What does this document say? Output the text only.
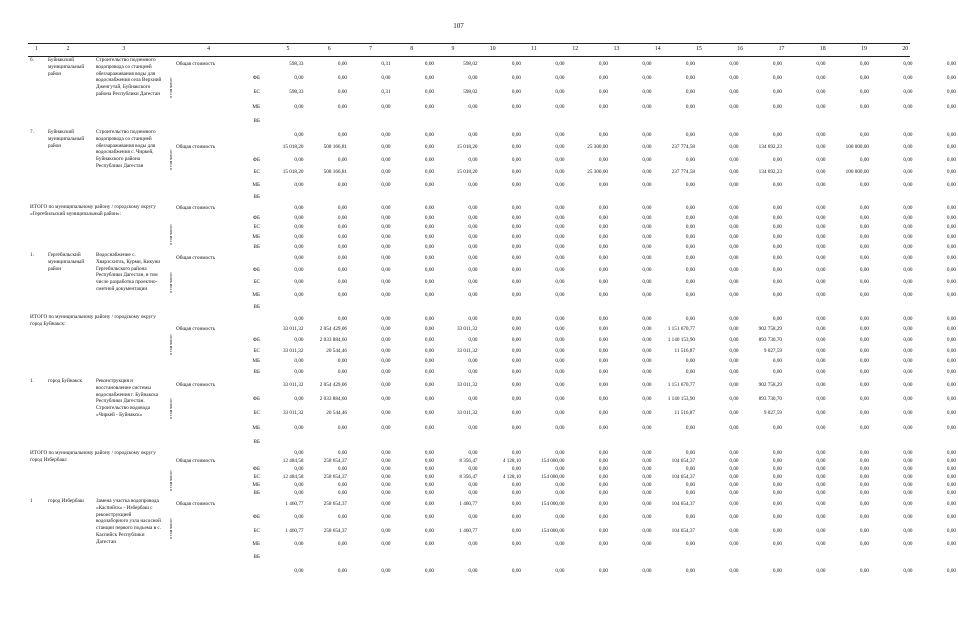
107
1	2	3	4	5	6	7	8	9	10	11	12	13	14	15	16	17	18	19	20
6.	Буйнакский муниципальный район
Строительство подземного водопровода со станцией обеззараживания воды для водоснабжения села Верхний Дженгутай, Буйнакского района Республики Дагестан	в том числе:
Общая стоимость	598,33	0,00	0,31	0,00	598,02	0,00	0,00	0,00	0,00	0,00	0,00	0,00	0,00	0,00	0,00	0,00
ФБ	0,00	0,00	0,00	0,00	0,00	0,00	0,00	0,00	0,00	0,00	0,00	0,00	0,00	0,00	0,00	0,00
БС	598,33	0,00	0,31	0,00	598,02	0,00	0,00	0,00	0,00	0,00	0,00	0,00	0,00	0,00	0,00	0,00
МБ	0,00	0,00	0,00	0,00	0,00	0,00	0,00	0,00	0,00	0,00	0,00	0,00	0,00	0,00	0,00	0,00
ВБ
7.	Буйнакский муниципальный район
Строительство подземного водопровода со станцией обеззараживания воды для водоснабжения с. Чиркей, Буйнакского района Республики Дагестан	в том числе:
0,00	0,00	0,00	0,00	0,00	0,00	0,00	0,00	0,00	0,00	0,00	0,00	0,00	0,00	0,00	0,00
Общая стоимость	15 018,20	508 166,81	0,00	0,00	15 018,20	0,00	0,00	25 300,00	0,00	237 774,58	0,00	134 692,23	0,00	100 000,00	0,00	0,00
ФБ	0,00	0,00	0,00	0,00	0,00	0,00	0,00	0,00	0,00	0,00	0,00	0,00	0,00	0,00	0,00	0,00
БС	15 018,20	508 166,81	0,00	0,00	15 018,20	0,00	0,00	25 300,00	0,00	237 774,58	0,00	134 692,23	0,00	100 000,00	0,00	0,00
МБ	0,00	0,00	0,00	0,00	0,00	0,00	0,00	0,00	0,00	0,00	0,00	0,00	0,00	0,00	0,00	0,00
ВБ
ИТОГО по муниципальному району / городскому округу «Гергебильский муниципальный район»:
в том числе:
Общая стоимость	0,00	0,00	0,00	0,00	0,00	0,00	0,00	0,00	0,00	0,00	0,00	0,00	0,00	0,00	0,00	0,00
ФБ	0,00	0,00	0,00	0,00	0,00	0,00	0,00	0,00	0,00	0,00	0,00	0,00	0,00	0,00	0,00	0,00
БС	0,00	0,00	0,00	0,00	0,00	0,00	0,00	0,00	0,00	0,00	0,00	0,00	0,00	0,00	0,00	0,00
МБ	0,00	0,00	0,00	0,00	0,00	0,00	0,00	0,00	0,00	0,00	0,00	0,00	0,00	0,00	0,00	0,00
ВБ	0,00	0,00	0,00	0,00	0,00	0,00	0,00	0,00	0,00	0,00	0,00	0,00	0,00	0,00	0,00	0,00
1.	Гергебильский муниципальный район
Водоснабжение с. Хварзсхитль, Курми, Кикуни Гергебильского района Республики Дагестан, в том числе разработка проектно-сметной документации	в том числе:
Общая стоимость	0,00	0,00	0,00	0,00	0,00	0,00	0,00	0,00	0,00	0,00	0,00	0,00	0,00	0,00	0,00	0,00
ФБ	0,00	0,00	0,00	0,00	0,00	0,00	0,00	0,00	0,00	0,00	0,00	0,00	0,00	0,00	0,00	0,00
БС	0,00	0,00	0,00	0,00	0,00	0,00	0,00	0,00	0,00	0,00	0,00	0,00	0,00	0,00	0,00	0,00
МБ	0,00	0,00	0,00	0,00	0,00	0,00	0,00	0,00	0,00	0,00	0,00	0,00	0,00	0,00	0,00	0,00
ВБ
ИТОГО по муниципальному району / городскому округу город Буйнакск:
в том числе:
0,00	0,00	0,00	0,00	0,00	0,00	0,00	0,00	0,00	0,00	0,00	0,00	0,00	0,00	0,00	0,00
Общая стоимость	33 011,32	2 054 429,06	0,00	0,00	33 011,32	0,00	0,00	0,00	0,00	1 151 670,77	0,00	902 758,29	0,00	0,00	0,00	0,00
ФБ	0,00	2 033 884,60	0,00	0,00	0,00	0,00	0,00	0,00	0,00	1 140 153,90	0,00	893 730,70	0,00	0,00	0,00	0,00
БС	33 011,32	20 544,46	0,00	0,00	33 011,32	0,00	0,00	0,00	0,00	11 516,87	0,00	9 027,59	0,00	0,00	0,00	0,00
МБ	0,00	0,00	0,00	0,00	0,00	0,00	0,00	0,00	0,00	0,00	0,00	0,00	0,00	0,00	0,00	0,00
ВБ	0,00	0,00	0,00	0,00	0,00	0,00	0,00	0,00	0,00	0,00	0,00	0,00	0,00	0,00	0,00	0,00
1.	город Буйнакск	Реконструкция и восстановление системы водоснабжения г. Буйнакска Республики Дагестан. Строительство водовода «Чиркей - Буйнакск»	в том числе:
Общая стоимость	33 011,32	2 054 429,06	0,00	0,00	33 011,32	0,00	0,00	0,00	0,00	1 151 670,77	0,00	902 758,29	0,00	0,00	0,00	0,00
ФБ	0,00	2 033 884,60	0,00	0,00	0,00	0,00	0,00	0,00	0,00	1 140 153,90	0,00	893 730,70	0,00	0,00	0,00	0,00
БС	33 011,32	20 544,46	0,00	0,00	33 011,32	0,00	0,00	0,00	0,00	11 516,87	0,00	9 027,59	0,00	0,00	0,00	0,00
МБ	0,00	0,00	0,00	0,00	0,00	0,00	0,00	0,00	0,00	0,00	0,00	0,00	0,00	0,00	0,00	0,00
ВБ
ИТОГО по муниципальному району / городскому округу город Избербаш:
в том числе:
0,00	0,00	0,00	0,00	0,00	0,00	0,00	0,00	0,00	0,00	0,00	0,00	0,00	0,00	0,00	0,00
Общая стоимость	12 484,58	258 654,37	0,00	0,00	8 356,47	4 128,10	154 000,00	0,00	0,00	104 654,37	0,00	0,00	0,00	0,00	0,00	0,00
ФБ	0,00	0,00	0,00	0,00	0,00	0,00	0,00	0,00	0,00	0,00	0,00	0,00	0,00	0,00	0,00	0,00
БС	12 484,58	258 654,37	0,00	0,00	8 356,47	4 128,10	154 000,00	0,00	0,00	104 654,37	0,00	0,00	0,00	0,00	0,00	0,00
МБ	0,00	0,00	0,00	0,00	0,00	0,00	0,00	0,00	0,00	0,00	0,00	0,00	0,00	0,00	0,00	0,00
ВБ	0,00	0,00	0,00	0,00	0,00	0,00	0,00	0,00	0,00	0,00	0,00	0,00	0,00	0,00	0,00	0,00
1	город Избербаш	Замена участка водопровода «Каспийск» - Избербаш с реконструкцией водозаборного узла насосной станции первого подъема в с. Каспийск Республики Дагестан
в том числе:
Общая стоимость	1 460,77	258 654,37	0,00	0,00	1 460,77	0,00	154 000,00	0,00	0,00	104 654,37	0,00	0,00	0,00	0,00	0,00	0,00
ФБ	0,00	0,00	0,00	0,00	0,00	0,00	0,00	0,00	0,00	0,00	0,00	0,00	0,00	0,00	0,00	0,00
БС	1 460,77	258 654,37	0,00	0,00	1 460,77	0,00	154 000,00	0,00	0,00	104 654,37	0,00	0,00	0,00	0,00	0,00	0,00
МБ	0,00	0,00	0,00	0,00	0,00	0,00	0,00	0,00	0,00	0,00	0,00	0,00	0,00	0,00	0,00	0,00
ВБ
0,00	0,00	0,00	0,00	0,00	0,00	0,00	0,00	0,00	0,00	0,00	0,00	0,00	0,00	0,00	0,00
